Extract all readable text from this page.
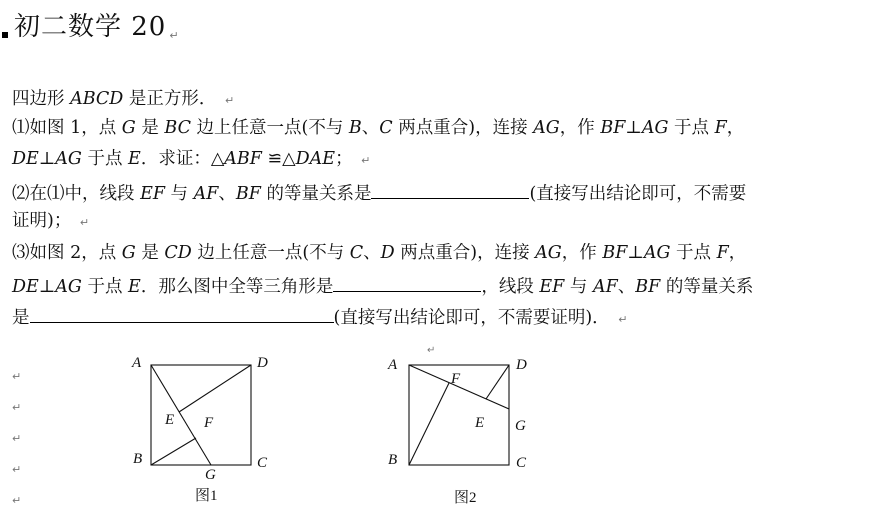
初二数学 20 ↵
四边形 ABCD 是正方形． ↵
⑴如图 1，点 G 是 BC 边上任意一点(不与 B、C 两点重合)，连接 AG，作 BF⊥AG 于点 F，
DE⊥AG 于点 E．求证：△ABF ≌△DAE； ↵
⑵在⑴中，线段 EF 与 AF、BF 的等量关系是	(直接写出结论即可，不需要
证明)； ↵
⑶如图 2，点 G 是 CD 边上任意一点(不与 C、D 两点重合)，连接 AG，作 BF⊥AG 于点 F，
DE⊥AG 于点 E．那么图中全等三角形是	，线段 EF 与 AF、BF 的等量关系
是	(直接写出结论即可，不需要证明)． ↵
↵
↵
↵
↵
↵
A	D
B	C
E F
G
图1
A	D
B	C
F
E G
↵
图2
